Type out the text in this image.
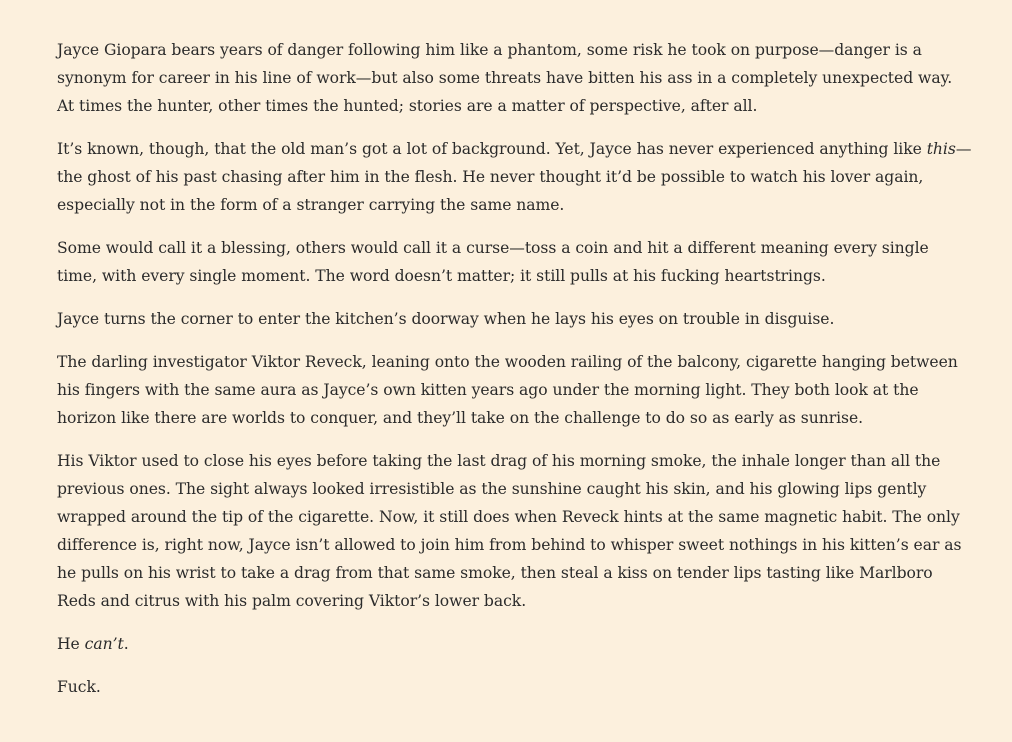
Jayce Giopara bears years of danger following him like a phantom, some risk he took on purpose—danger is a synonym for career in his line of work—but also some threats have bitten his ass in a completely unexpected way. At times the hunter, other times the hunted; stories are a matter of perspective, after all.

It’s known, though, that the old man’s got a lot of background. Yet, Jayce has never experienced anything like this—the ghost of his past chasing after him in the flesh. He never thought it’d be possible to watch his lover again, especially not in the form of a stranger carrying the same name.

Some would call it a blessing, others would call it a curse—toss a coin and hit a different meaning every single time, with every single moment. The word doesn’t matter; it still pulls at his fucking heartstrings.

Jayce turns the corner to enter the kitchen’s doorway when he lays his eyes on trouble in disguise.

The darling investigator Viktor Reveck, leaning onto the wooden railing of the balcony, cigarette hanging between his fingers with the same aura as Jayce’s own kitten years ago under the morning light. They both look at the horizon like there are worlds to conquer, and they’ll take on the challenge to do so as early as sunrise.

His Viktor used to close his eyes before taking the last drag of his morning smoke, the inhale longer than all the previous ones. The sight always looked irresistible as the sunshine caught his skin, and his glowing lips gently wrapped around the tip of the cigarette. Now, it still does when Reveck hints at the same magnetic habit. The only difference is, right now, Jayce isn’t allowed to join him from behind to whisper sweet nothings in his kitten’s ear as he pulls on his wrist to take a drag from that same smoke, then steal a kiss on tender lips tasting like Marlboro Reds and citrus with his palm covering Viktor’s lower back.

He can’t.

Fuck.
